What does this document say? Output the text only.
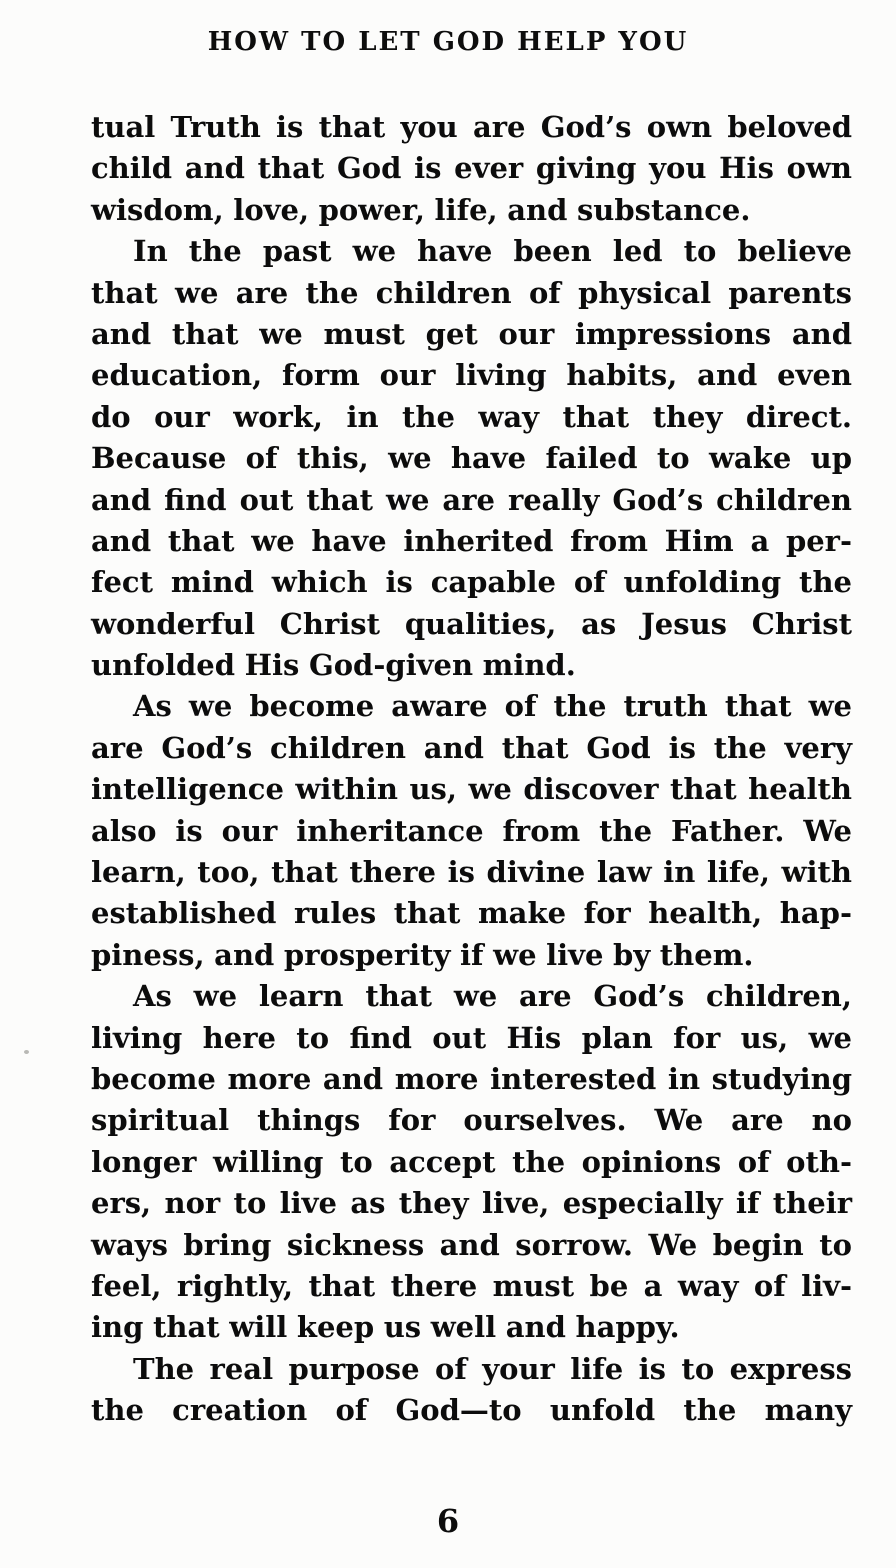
HOW TO LET GOD HELP YOU
tual Truth is that you are God’s own beloved
child and that God is ever giving you His own
wisdom, love, power, life, and substance.
In the past we have been led to believe
that we are the children of physical parents
and that we must get our impressions and
education, form our living habits, and even
do our work, in the way that they direct.
Because of this, we have failed to wake up
and find out that we are really God’s children
and that we have inherited from Him a per-
fect mind which is capable of unfolding the
wonderful Christ qualities, as Jesus Christ
unfolded His God-given mind.
As we become aware of the truth that we
are God’s children and that God is the very
intelligence within us, we discover that health
also is our inheritance from the Father. We
learn, too, that there is divine law in life, with
established rules that make for health, hap-
piness, and prosperity if we live by them.
As we learn that we are God’s children,
living here to find out His plan for us, we
become more and more interested in studying
spiritual things for ourselves. We are no
longer willing to accept the opinions of oth-
ers, nor to live as they live, especially if their
ways bring sickness and sorrow. We begin to
feel, rightly, that there must be a way of liv-
ing that will keep us well and happy.
The real purpose of your life is to express
the creation of God—to unfold the many
6
